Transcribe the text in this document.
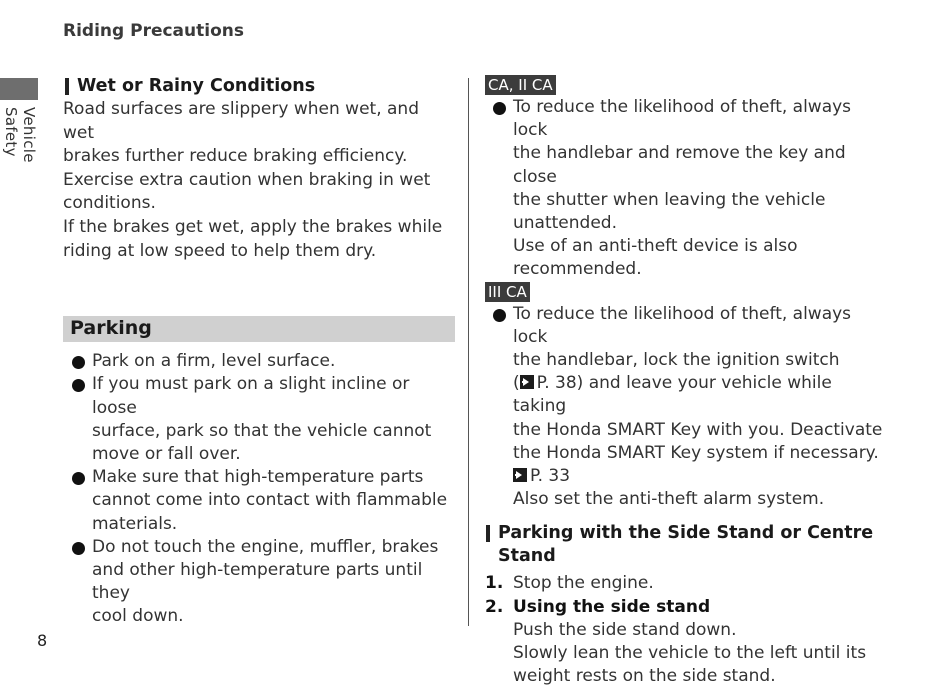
Riding Precautions
Vehicle Safety
8
Wet or Rainy Conditions
Road surfaces are slippery when wet, and wet
brakes further reduce braking efficiency.
Exercise extra caution when braking in wet
conditions.
If the brakes get wet, apply the brakes while
riding at low speed to help them dry.
Parking
Park on a firm, level surface.
If you must park on a slight incline or loose
surface, park so that the vehicle cannot
move or fall over.
Make sure that high-temperature parts
cannot come into contact with flammable
materials.
Do not touch the engine, muffler, brakes
and other high-temperature parts until they
cool down.
CA, II CA
To reduce the likelihood of theft, always lock
the handlebar and remove the key and close
the shutter when leaving the vehicle
unattended.
Use of an anti-theft device is also
recommended.
III CA
To reduce the likelihood of theft, always lock
the handlebar, lock the ignition switch
( P. 38) and leave your vehicle while taking
the Honda SMART Key with you. Deactivate
the Honda SMART Key system if necessary.
P. 33
Also set the anti-theft alarm system.
Parking with the Side Stand or Centre
Stand
1. Stop the engine.
2. Using the side stand
Push the side stand down.
Slowly lean the vehicle to the left until its
weight rests on the side stand.
